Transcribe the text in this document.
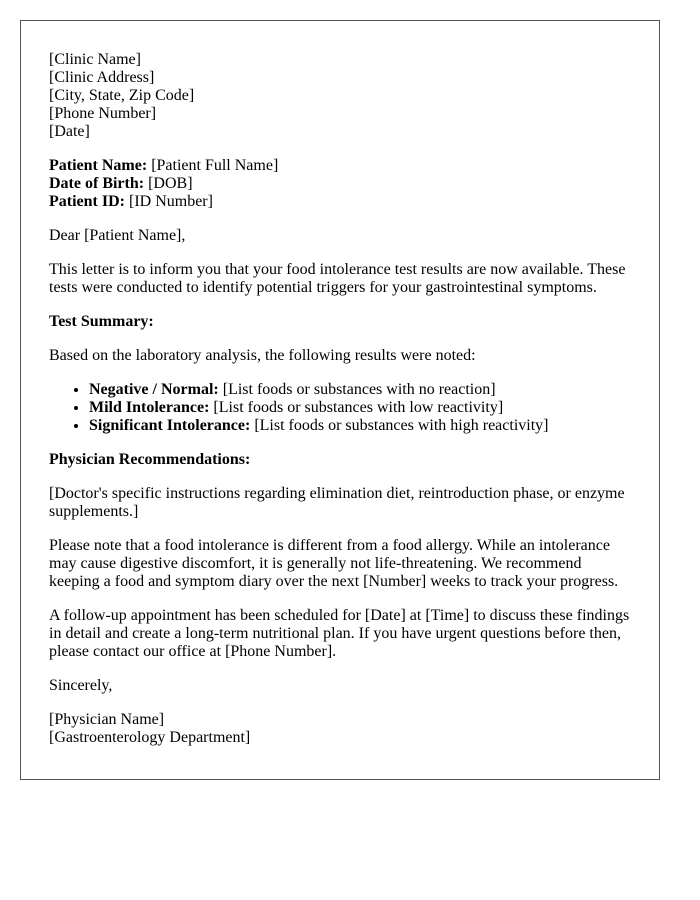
[Clinic Name]
[Clinic Address]
[City, State, Zip Code]
[Phone Number]
[Date]
Patient Name: [Patient Full Name]
Date of Birth: [DOB]
Patient ID: [ID Number]

Dear [Patient Name],

This letter is to inform you that your food intolerance test results are now available. These tests were conducted to identify potential triggers for your gastrointestinal symptoms.

Test Summary:

Based on the laboratory analysis, the following results were noted:

• Negative / Normal: [List foods or substances with no reaction]
• Mild Intolerance: [List foods or substances with low reactivity]
• Significant Intolerance: [List foods or substances with high reactivity]

Physician Recommendations:

[Doctor's specific instructions regarding elimination diet, reintroduction phase, or enzyme supplements.]

Please note that a food intolerance is different from a food allergy. While an intolerance may cause digestive discomfort, it is generally not life-threatening. We recommend keeping a food and symptom diary over the next [Number] weeks to track your progress.

A follow-up appointment has been scheduled for [Date] at [Time] to discuss these findings in detail and create a long-term nutritional plan. If you have urgent questions before then, please contact our office at [Phone Number].

Sincerely,

[Physician Name]
[Gastroenterology Department]
